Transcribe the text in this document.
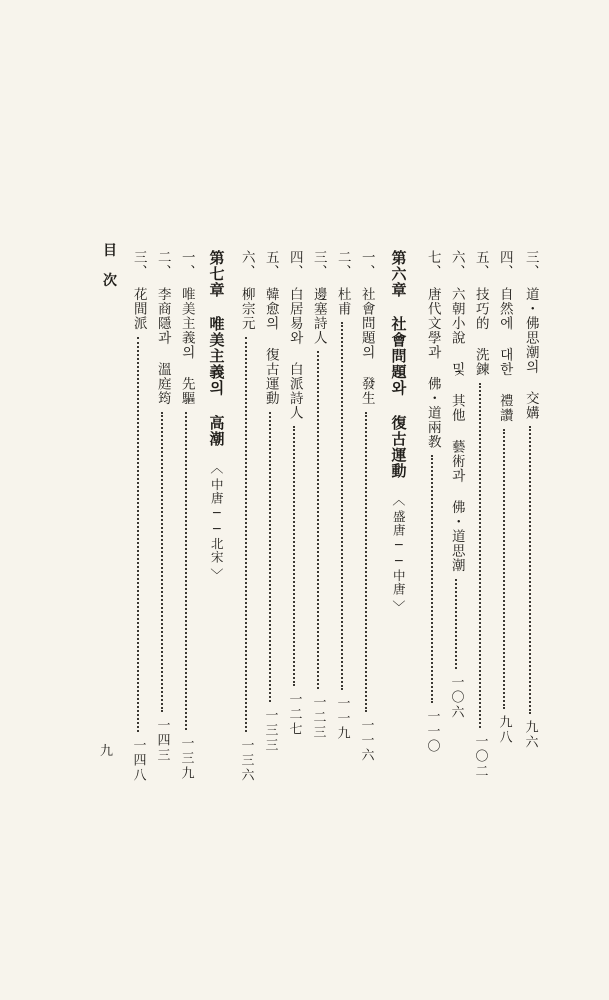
目
次
九
三、
道・佛思潮의 交媾
九六
四、
自然에 대한 禮讚
九八
五、
技巧的 洗鍊
一〇二
六、
六朝小說 및 其他 藝術과 佛・道思潮
一〇六
七、
唐代文學과 佛・道兩教
一一〇
第六章
社會問題와 復古運動
〈
盛唐──中唐
〉
一、
社會問題의 發生
一一六
二、
杜甫
一一九
三、
邊塞詩人
一二三
四、
白居易와 白派詩人
一二七
五、
韓愈의 復古運動
一三三
六、
柳宗元
一三六
第七章
唯美主義의 高潮
〈
中唐──北宋
〉
一、
唯美主義의 先驅
一三九
二、
李商隱과 溫庭筠
一四三
三、
花間派
一四八
